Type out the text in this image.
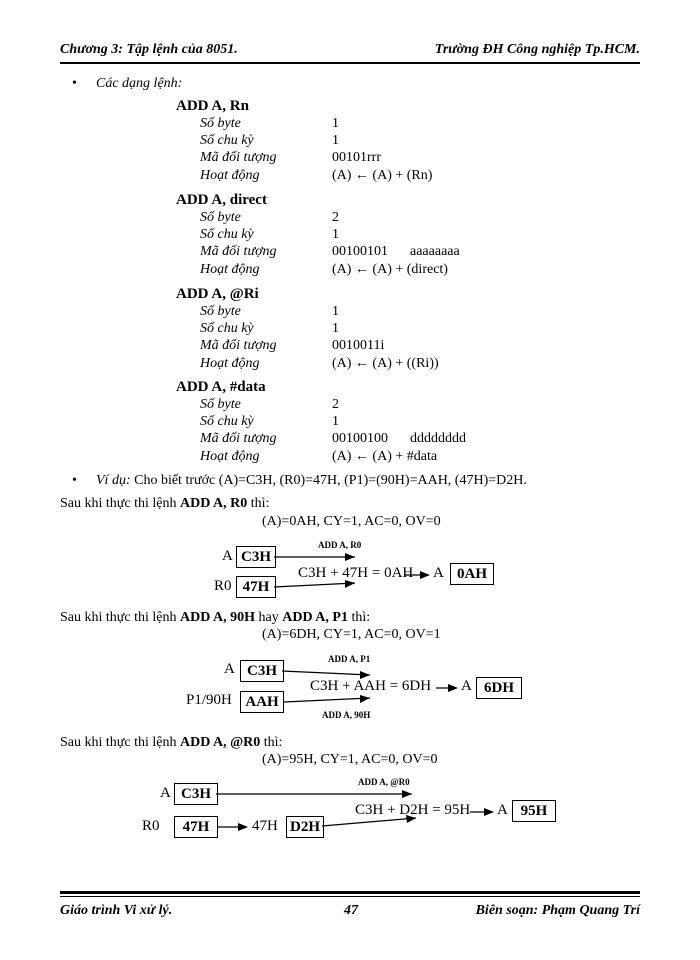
Chương 3: Tập lệnh của 8051.	Trường ĐH Công nghiệp Tp.HCM.
• Các dạng lệnh:
ADD A, Rn
Số byte	1
Số chu kỳ	1
Mã đối tượng	00101rrr
Hoạt động	(A) ← (A) + (Rn)
ADD A, direct
Số byte	2
Số chu kỳ	1
Mã đối tượng	00100101 aaaaaaaa
Hoạt động	(A) ← (A) + (direct)
ADD A, @Ri
Số byte	1
Số chu kỳ	1
Mã đối tượng	0010011i
Hoạt động	(A) ← (A) + ((Ri))
ADD A, #data
Số byte	2
Số chu kỳ	1
Mã đối tượng	00100100 dddddddd
Hoạt động	(A) ← (A) + #data
• Ví dụ: Cho biết trước (A)=C3H, (R0)=47H, (P1)=(90H)=AAH, (47H)=D2H.
Sau khi thực thi lệnh ADD A, R0 thì:
(A)=0AH, CY=1, AC=0, OV=0
A C3H
R0 47H
ADD A, R0
C3H + 47H = 0AH A 0AH
Sau khi thực thi lệnh ADD A, 90H hay ADD A, P1 thì:
(A)=6DH, CY=1, AC=0, OV=1
A C3H
P1/90H AAH
ADD A, P1
ADD A, 90H
C3H + AAH = 6DH A 6DH
Sau khi thực thi lệnh ADD A, @R0 thì:
(A)=95H, CY=1, AC=0, OV=0
A C3H
R0	47H	47H D2H
ADD A, @R0
C3H + D2H = 95H A 95H
Giáo trình Vi xử lý.	47	Biên soạn: Phạm Quang Trí
